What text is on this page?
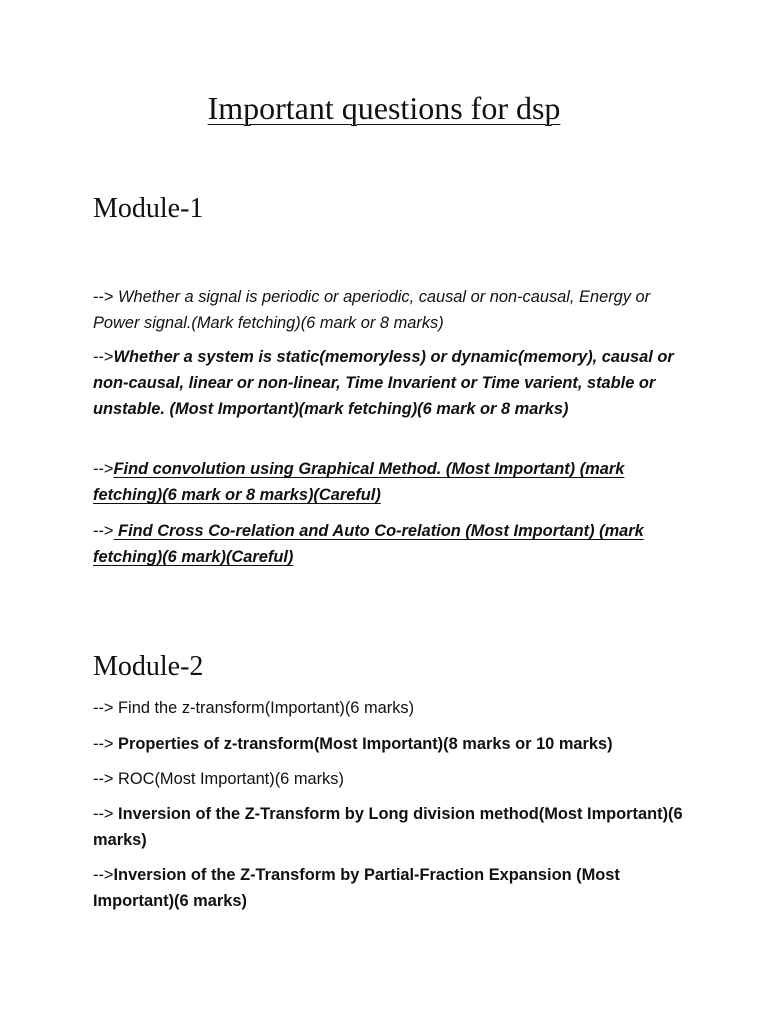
Important questions for dsp
Module-1

--> Whether a signal is periodic or aperiodic, causal or non-causal, Energy or Power signal.(Mark fetching)(6 mark or 8 marks)

-->Whether a system is static(memoryless) or dynamic(memory), causal or non-causal, linear or non-linear, Time Invarient or Time varient, stable or unstable. (Most Important)(mark fetching)(6 mark or 8 marks)

-->Find convolution using Graphical Method. (Most Important) (mark fetching)(6 mark or 8 marks)(Careful)

--> Find Cross Co-relation and Auto Co-relation (Most Important) (mark fetching)(6 mark)(Careful)

Module-2

--> Find the z-transform(Important)(6 marks)

--> Properties of z-transform(Most Important)(8 marks or 10 marks)

--> ROC(Most Important)(6 marks)

--> Inversion of the Z-Transform by Long division method(Most Important)(6 marks)

-->Inversion of the Z-Transform by Partial-Fraction Expansion (Most Important)(6 marks)
